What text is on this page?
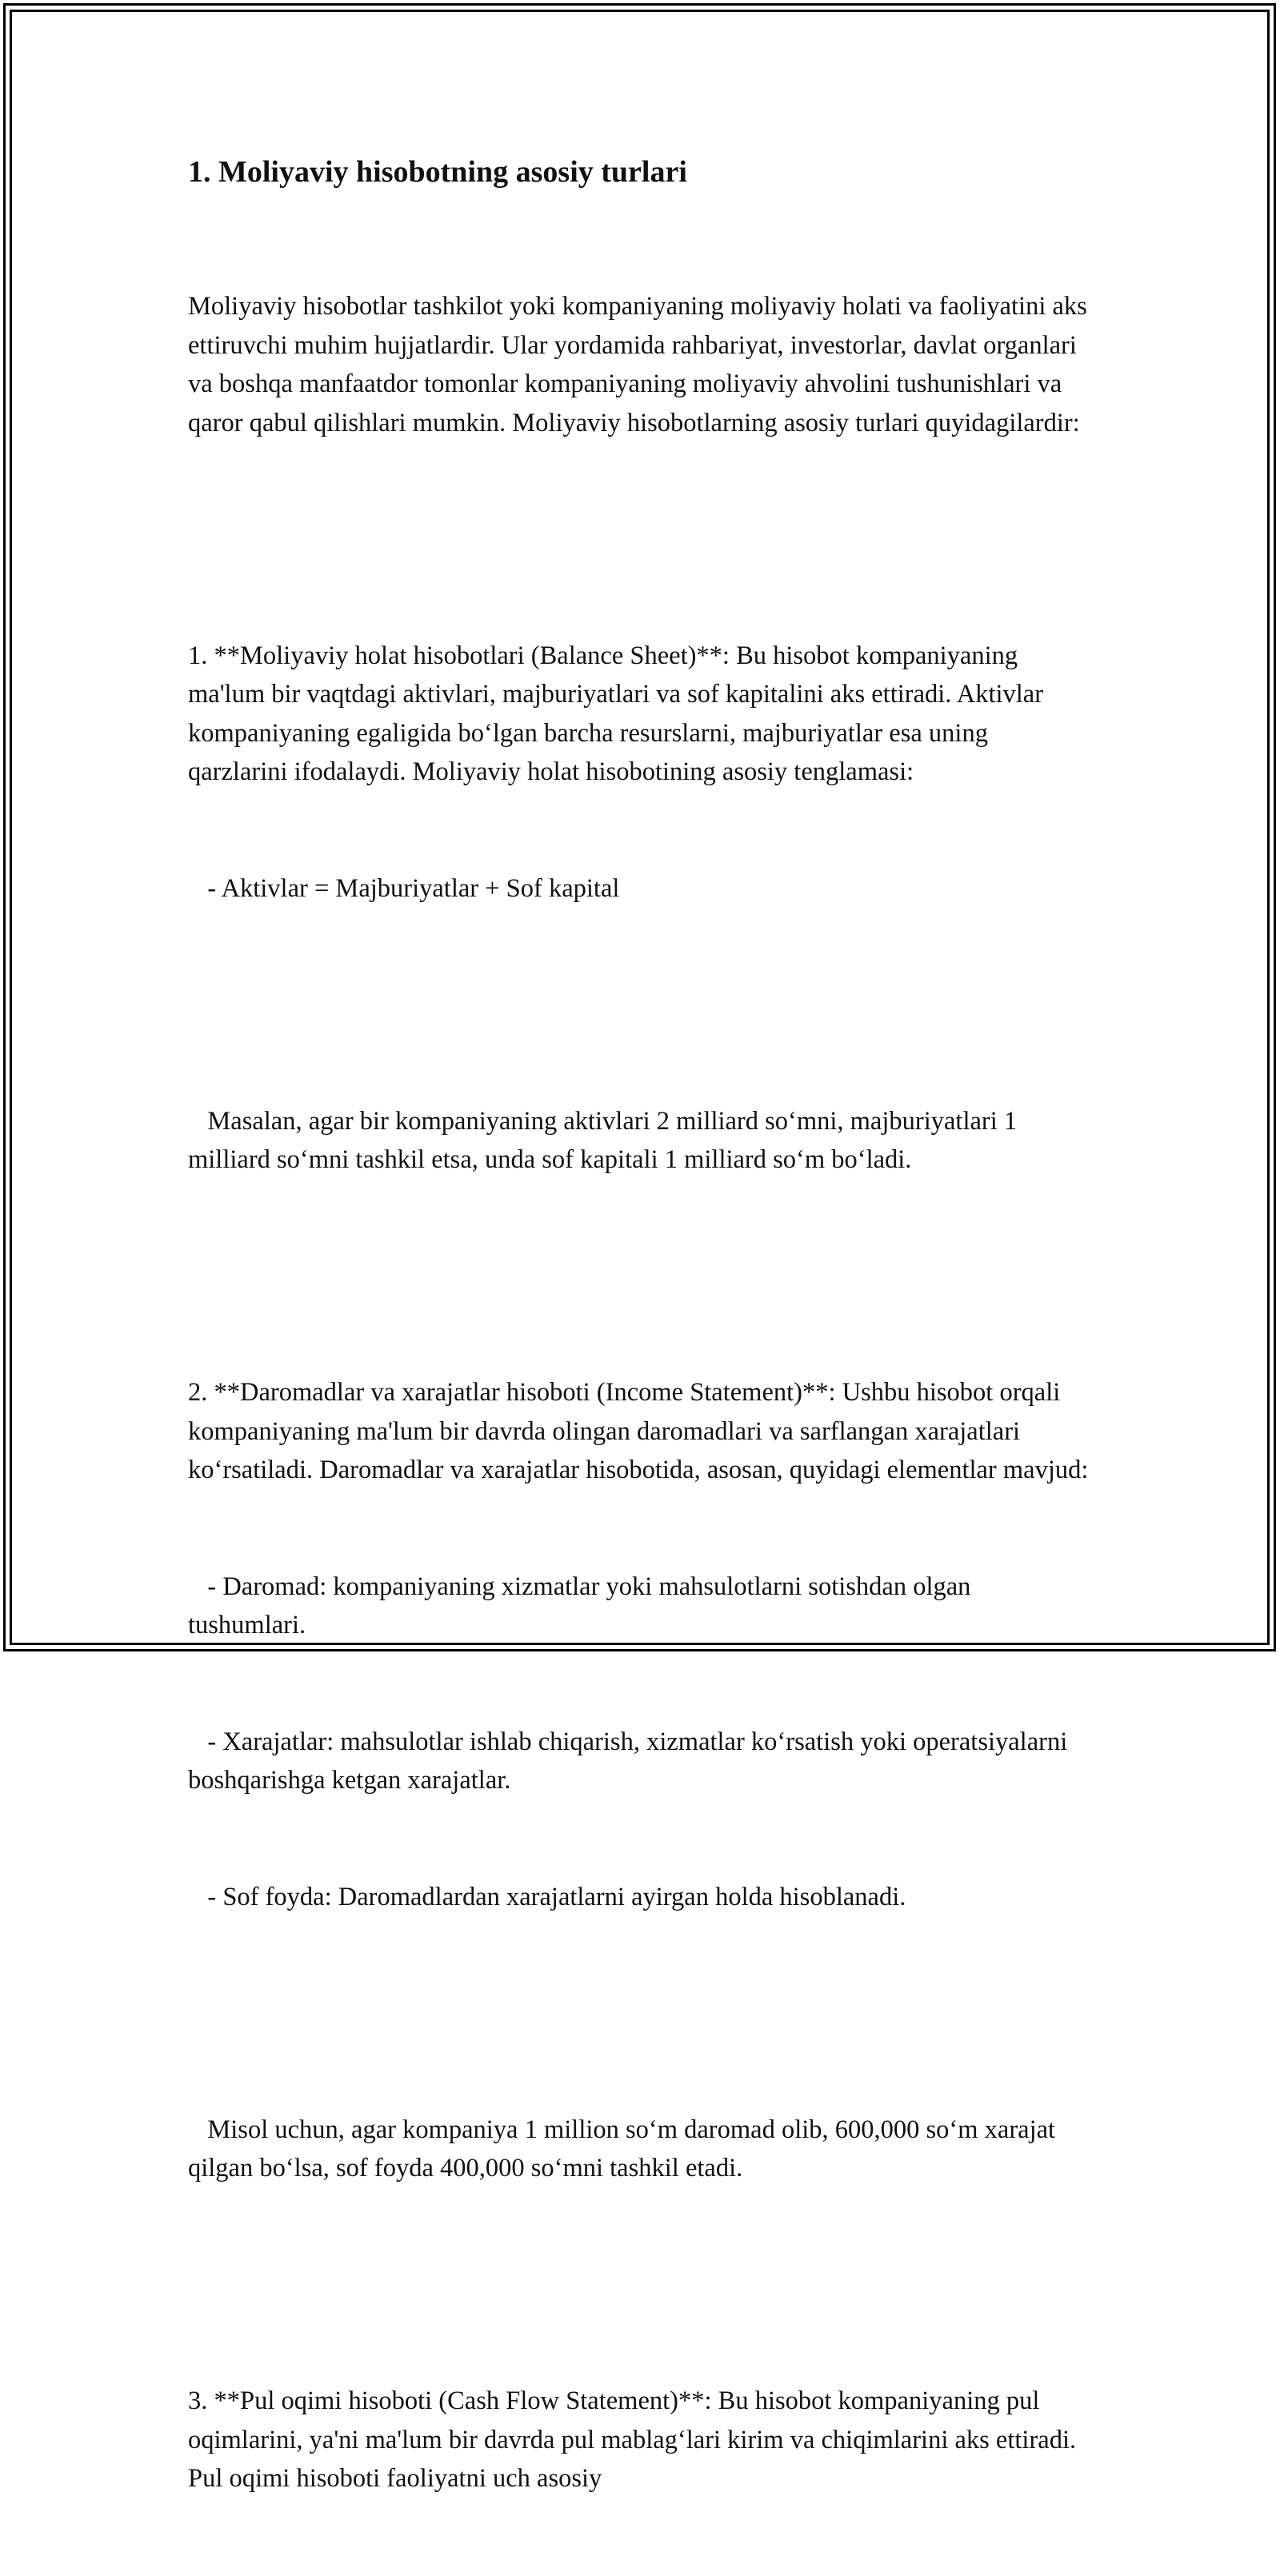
1. Moliyaviy hisobotning asosiy turlari

Moliyaviy hisobotlar tashkilot yoki kompaniyaning moliyaviy holati va faoliyatini aks ettiruvchi muhim hujjatlardir. Ular yordamida rahbariyat, investorlar, davlat organlari va boshqa manfaatdor tomonlar kompaniyaning moliyaviy ahvolini tushunishlari va qaror qabul qilishlari mumkin. Moliyaviy hisobotlarning asosiy turlari quyidagilardir:

1. **Moliyaviy holat hisobotlari (Balance Sheet)**: Bu hisobot kompaniyaning ma'lum bir vaqtdagi aktivlari, majburiyatlari va sof kapitalini aks ettiradi. Aktivlar kompaniyaning egaligida bo‘lgan barcha resurslarni, majburiyatlar esa uning qarzlarini ifodalaydi. Moliyaviy holat hisobotining asosiy tenglamasi:

- Aktivlar = Majburiyatlar + Sof kapital

Masalan, agar bir kompaniyaning aktivlari 2 milliard so‘mni, majburiyatlari 1 milliard so‘mni tashkil etsa, unda sof kapitali 1 milliard so‘m bo‘ladi.

2. **Daromadlar va xarajatlar hisoboti (Income Statement)**: Ushbu hisobot orqali kompaniyaning ma'lum bir davrda olingan daromadlari va sarflangan xarajatlari ko‘rsatiladi. Daromadlar va xarajatlar hisobotida, asosan, quyidagi elementlar mavjud:

- Daromad: kompaniyaning xizmatlar yoki mahsulotlarni sotishdan olgan tushumlari.

- Xarajatlar: mahsulotlar ishlab chiqarish, xizmatlar ko‘rsatish yoki operatsiyalarni boshqarishga ketgan xarajatlar.

- Sof foyda: Daromadlardan xarajatlarni ayirgan holda hisoblanadi.

Misol uchun, agar kompaniya 1 million so‘m daromad olib, 600,000 so‘m xarajat qilgan bo‘lsa, sof foyda 400,000 so‘mni tashkil etadi.

3. **Pul oqimi hisoboti (Cash Flow Statement)**: Bu hisobot kompaniyaning pul oqimlarini, ya'ni ma'lum bir davrda pul mablag‘lari kirim va chiqimlarini aks ettiradi. Pul oqimi hisoboti faoliyatni uch asosiy
